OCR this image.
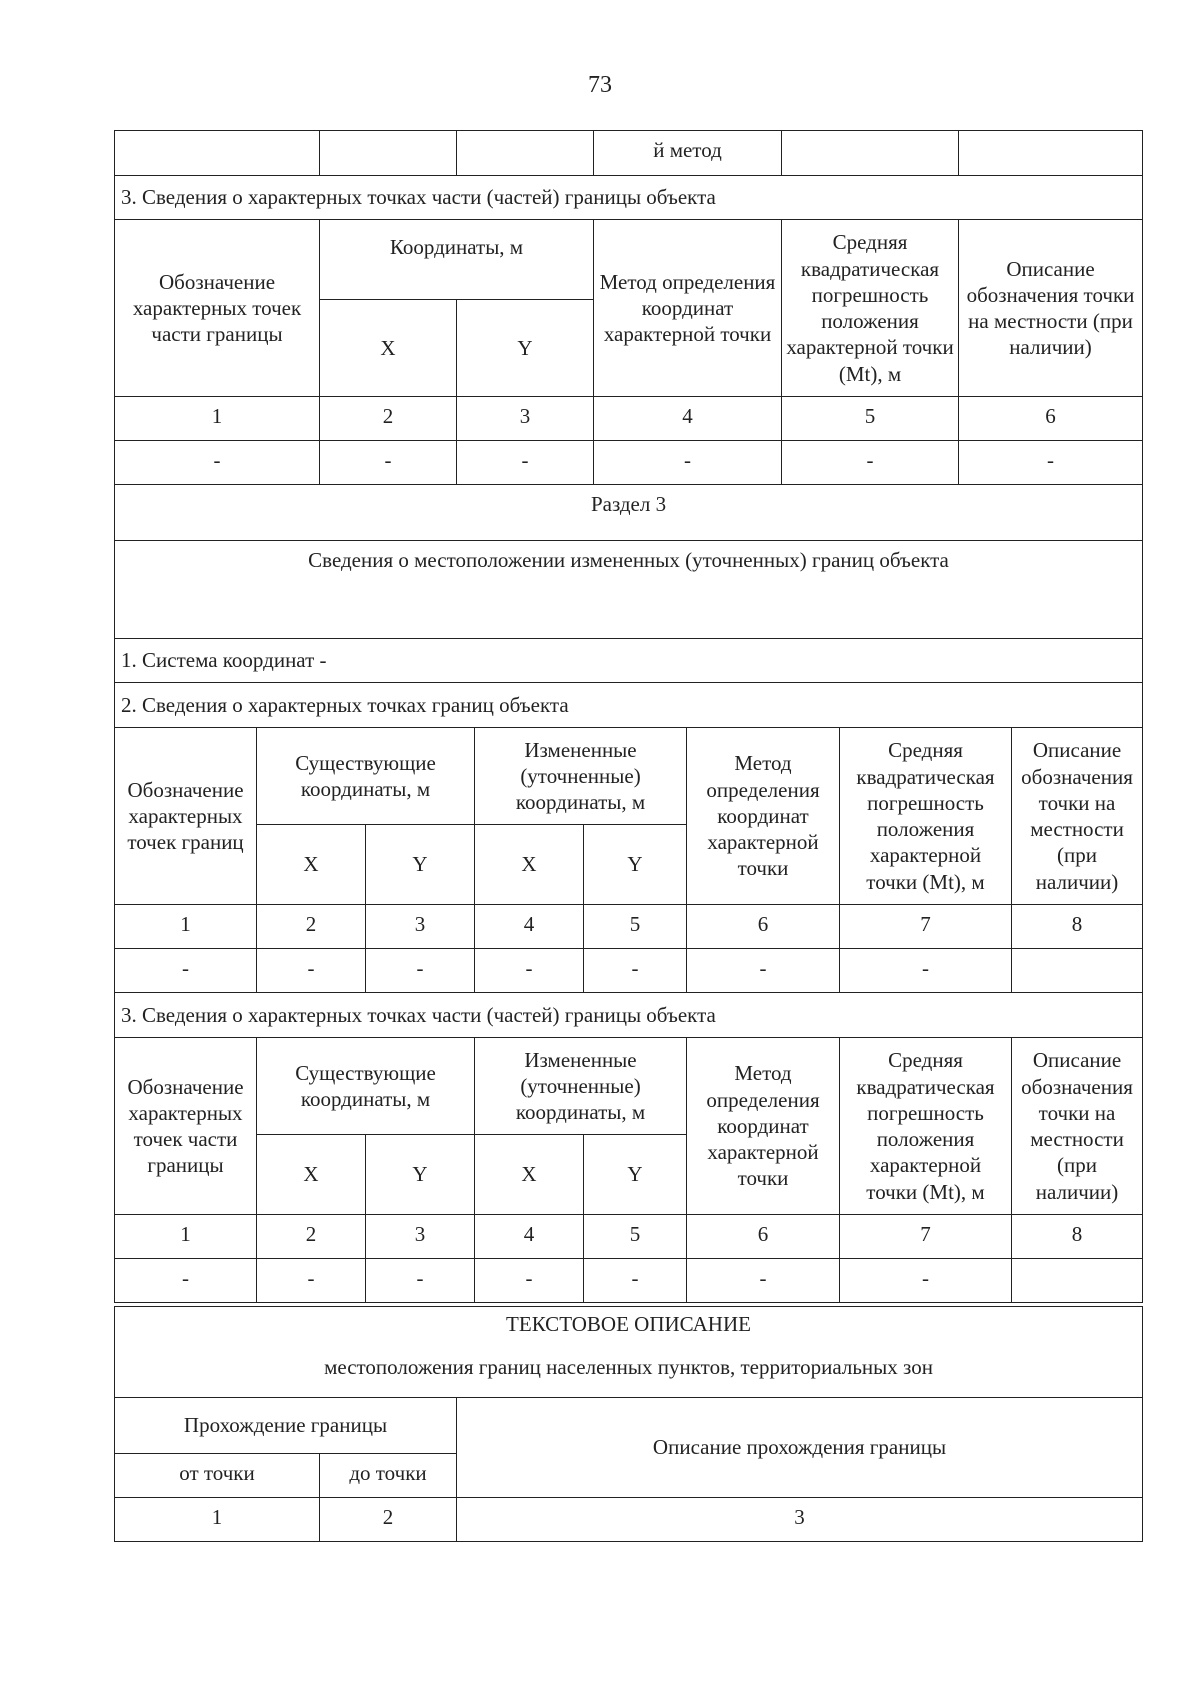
73
			й метод		
3. Сведения о характерных точках части (частей) границы объекта					
Обозначение характерных точек части границы	Координаты, м		Метод определения координат характерной точки	Средняя квадратическая погрешность положения характерной точки (Mt), м	Описание обозначения точки на местности (при наличии)
	X	Y			
1	2	3	4	5	6
-	-	-	-	-	-
Раздел 3							
Сведения о местоположении измененных (уточненных) границ объекта							
1. Система координат -							
2. Сведения о характерных точках границ объекта							
Обозначение характерных точек границ	Существующие координаты, м		Измененные (уточненные) координаты, м		Метод определения координат характерной точки	Средняя квадратическая погрешность положения характерной точки (Mt), м	Описание обозначения точки на местности (при наличии)
	X	Y	X	Y			
1	2	3	4	5	6	7	8
-	-	-	-	-	-	-	
3. Сведения о характерных точках части (частей) границы объекта							
Обозначение характерных точек части границы	Существующие координаты, м		Измененные (уточненные) координаты, м		Метод определения координат характерной точки	Средняя квадратическая погрешность положения характерной точки (Mt), м	Описание обозначения точки на местности (при наличии)
	X	Y	X	Y			
1	2	3	4	5	6	7	8
-	-	-	-	-	-	-	
ТЕКСТОВОЕ ОПИСАНИЕ
местоположения границ населенных пунктов, территориальных зон		

Прохождение границы		Описание прохождения границы
от точки	до точки	
1	2	3
